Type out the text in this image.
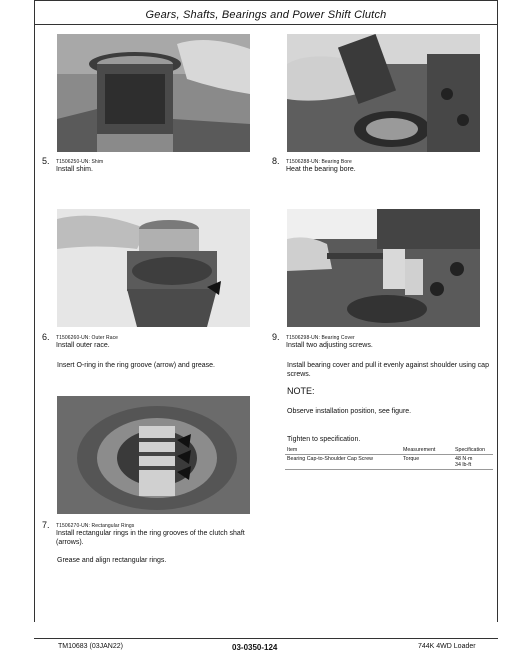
Gears, Shafts, Bearings and Power Shift Clutch
5. T1506250-UN: Shim
Install shim.
6. T1506260-UN: Outer Race
Install outer race.
Insert O-ring in the ring groove (arrow) and grease.
7. T1506270-UN: Rectangular Rings
Install rectangular rings in the ring grooves of the clutch shaft (arrows).
Grease and align rectangular rings.
8. T1506288-UN: Bearing Bore
Heat the bearing bore.
9. T1506298-UN: Bearing Cover
Install two adjusting screws.
Install bearing cover and pull it evenly against shoulder using cap screws.
NOTE:
Observe installation position, see figure.
Tighten to specification.
Item	Measurement	Specification
Bearing Cap-to-Shoulder Cap Screw	Torque	48 N·m
34 lb-ft
TM10683 (03JAN22)	03-0350-124	744K 4WD Loader
